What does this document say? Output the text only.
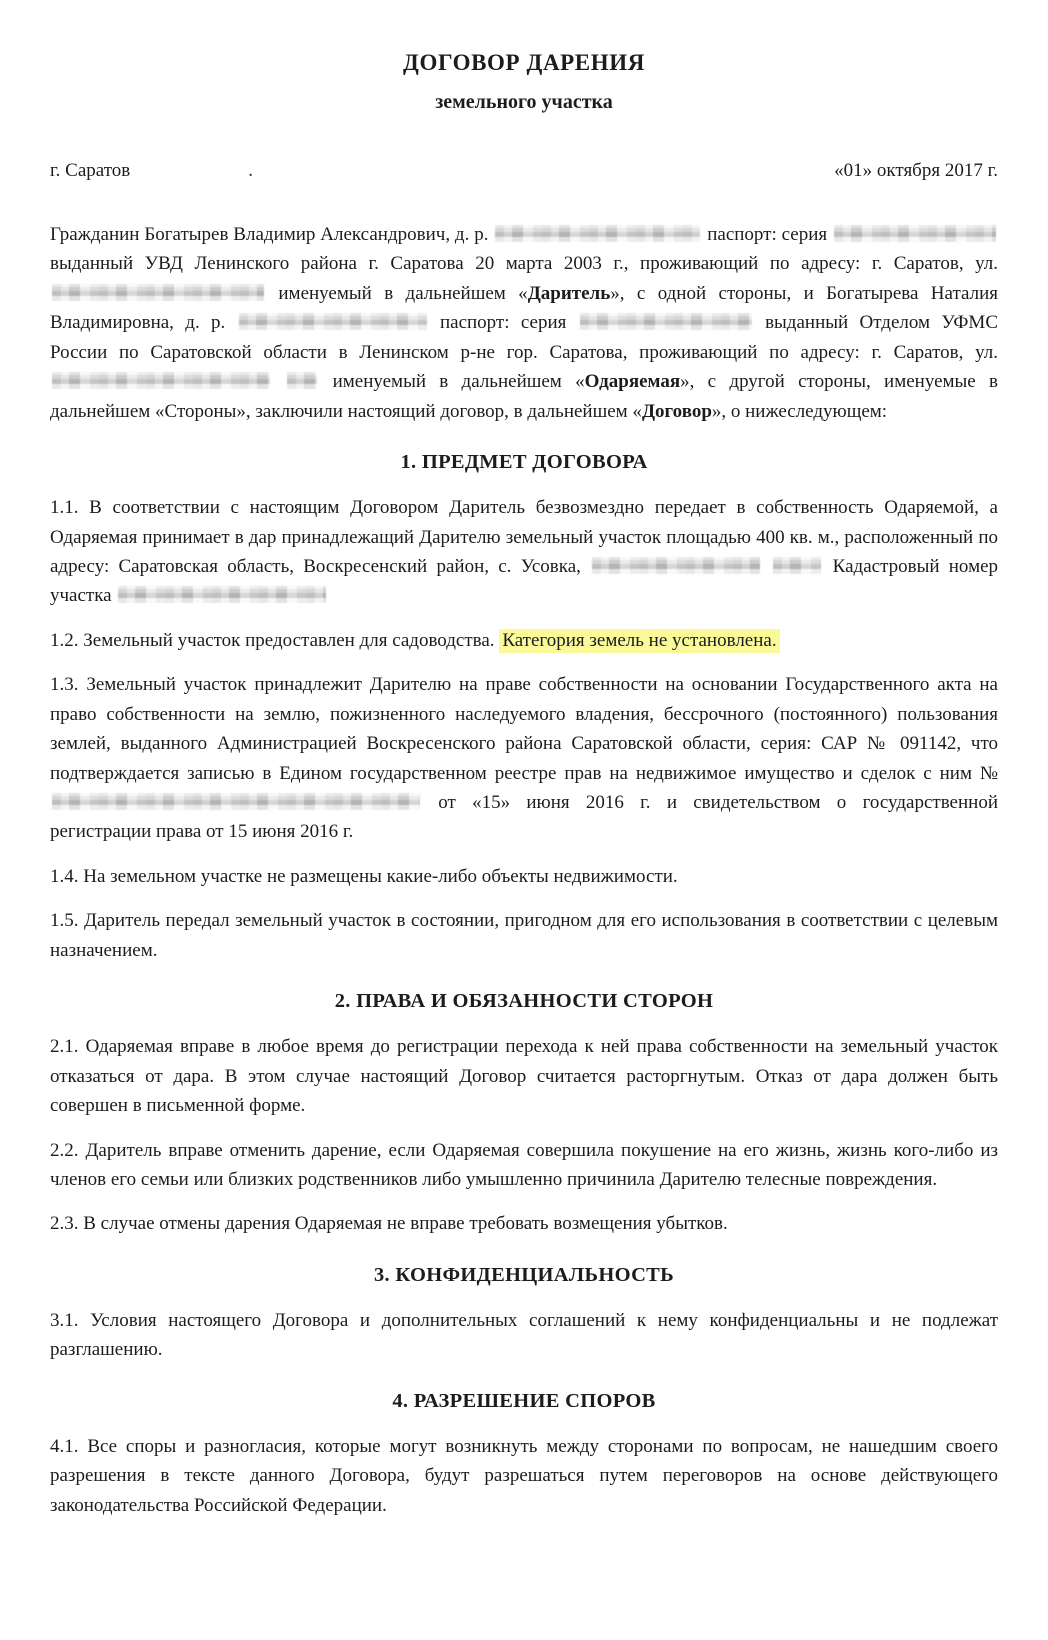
ДОГОВОР ДАРЕНИЯ
земельного участка
г. Саратов	.	«01» октября 2017 г.

Гражданин Богатырев Владимир Александрович, д. р.	паспорт: серия  выданный УВД Ленинского района г. Саратова 20 марта 2003 г., проживающий по адресу: г. Саратов, ул.  именуемый в дальнейшем «Даритель», с одной стороны, и Богатырева Наталия Владимировна, д. р.	паспорт: серия	выданный Отделом УФМС России по Саратовской области в Ленинском р-не гор. Саратова, проживающий по адресу: г. Саратов, ул.   именуемый в дальнейшем «Одаряемая», с другой стороны, именуемые в дальнейшем «Стороны», заключили настоящий договор, в дальнейшем «Договор», о нижеследующем:

1. ПРЕДМЕТ ДОГОВОРА

1.1. В соответствии с настоящим Договором Даритель безвозмездно передает в собственность Одаряемой, а Одаряемая принимает в дар принадлежащий Дарителю земельный участок площадью 400 кв. м., расположенный по адресу: Саратовская область, Воскресенский район, с. Усовка,	Кадастровый номер участка

1.2. Земельный участок предоставлен для садоводства. Категория земель не установлена.

1.3. Земельный участок принадлежит Дарителю на праве собственности на основании Государственного акта на право собственности на землю, пожизненного наследуемого владения, бессрочного (постоянного) пользования землей, выданного Администрацией Воскресенского района Саратовской области, серия: САР № 091142, что подтверждается записью в Едином государственном реестре прав на недвижимое имущество и сделок с ним №  от «15» июня 2016 г. и свидетельством о государственной регистрации права от 15 июня 2016 г.

1.4. На земельном участке не размещены какие-либо объекты недвижимости.

1.5. Даритель передал земельный участок в состоянии, пригодном для его использования в соответствии с целевым назначением.

2. ПРАВА И ОБЯЗАННОСТИ СТОРОН

2.1. Одаряемая вправе в любое время до регистрации перехода к ней права собственности на земельный участок отказаться от дара. В этом случае настоящий Договор считается расторгнутым. Отказ от дара должен быть совершен в письменной форме.

2.2. Даритель вправе отменить дарение, если Одаряемая совершила покушение на его жизнь, жизнь кого-либо из членов его семьи или близких родственников либо умышленно причинила Дарителю телесные повреждения.

2.3. В случае отмены дарения Одаряемая не вправе требовать возмещения убытков.

3. КОНФИДЕНЦИАЛЬНОСТЬ

3.1. Условия настоящего Договора и дополнительных соглашений к нему конфиденциальны и не подлежат разглашению.

4. РАЗРЕШЕНИЕ СПОРОВ

4.1. Все споры и разногласия, которые могут возникнуть между сторонами по вопросам, не нашедшим своего разрешения в тексте данного Договора, будут разрешаться путем переговоров на основе действующего законодательства Российской Федерации.
